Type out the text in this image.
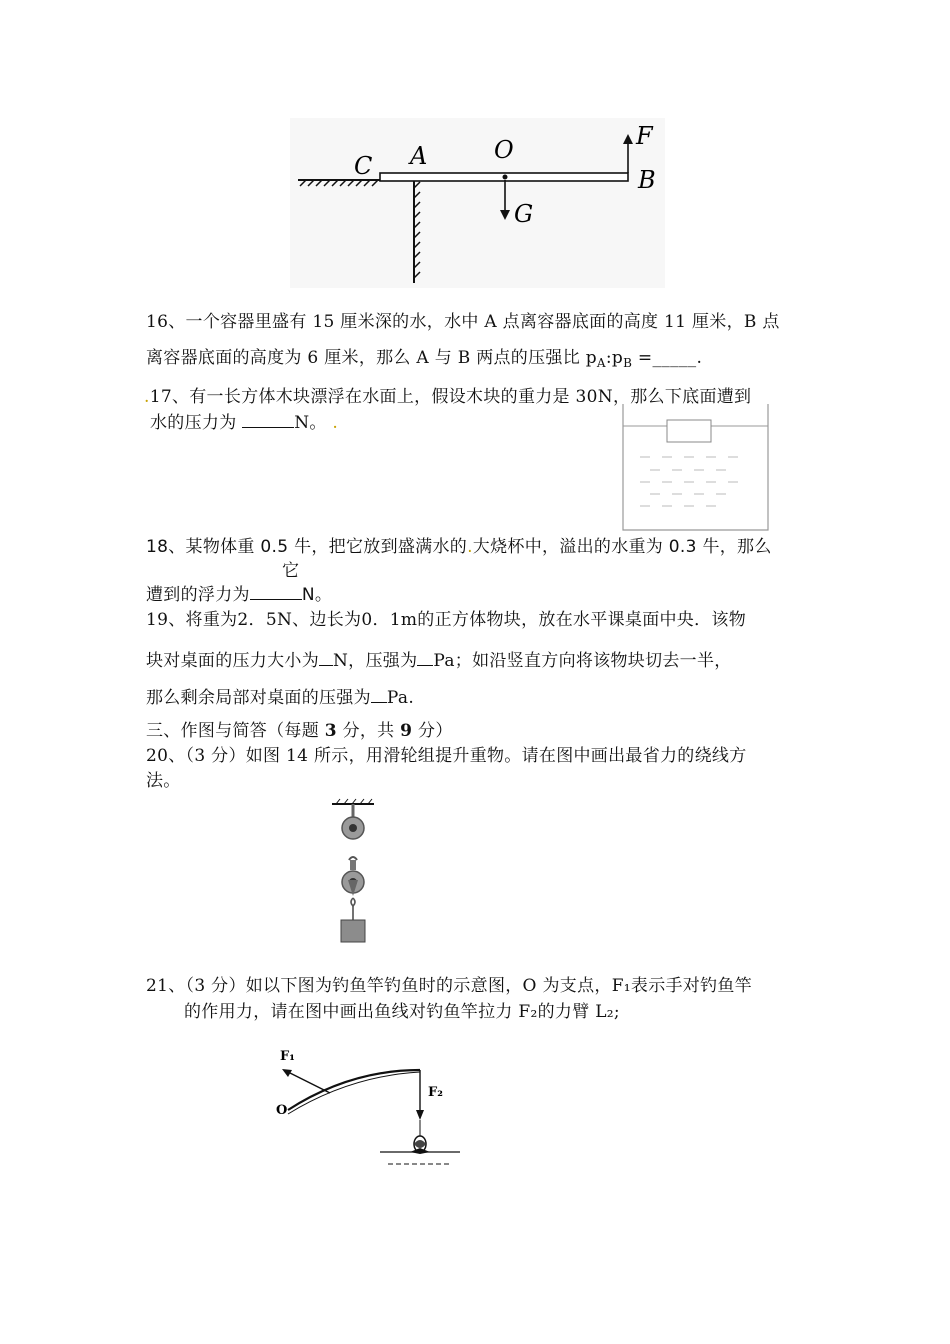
C A	O	F
B
G
16、一个容器里盛有 15 厘米深的水，水中 A 点离容器底面的高度 11 厘米，B 点
离容器底面的高度为 6 厘米，那么 A 与 B 两点的压强比 $p_A:p_B$ =_____.
.17、有一长方体木块漂浮在水面上，假设木块的重力是 30N，那么下底面遭到
水的压力为	N。 .
18、某物体重 0.5 牛，把它放到盛满水的.大烧杯中，溢出的水重为 0.3 牛，那么
它
遭到的浮力为	N。
19、将重为2．5N、边长为0．1m的正方体物块，放在水平课桌面中央．该物
块对桌面的压力大小为 N，压强为 Pa；如沿竖直方向将该物块切去一半，
那么剩余局部对桌面的压强为 Pa.
三、作图与简答（每题 3 分，共 9 分）
20、（3 分）如图 14 所示，用滑轮组提升重物。请在图中画出最省力的绕线方
法。
21、（3 分）如以下图为钓鱼竿钓鱼时的示意图，O 为支点，F₁表示手对钓鱼竿
的作用力，请在图中画出鱼线对钓鱼竿拉力 F₂的力臂 L₂;
F₁
F₂
O
